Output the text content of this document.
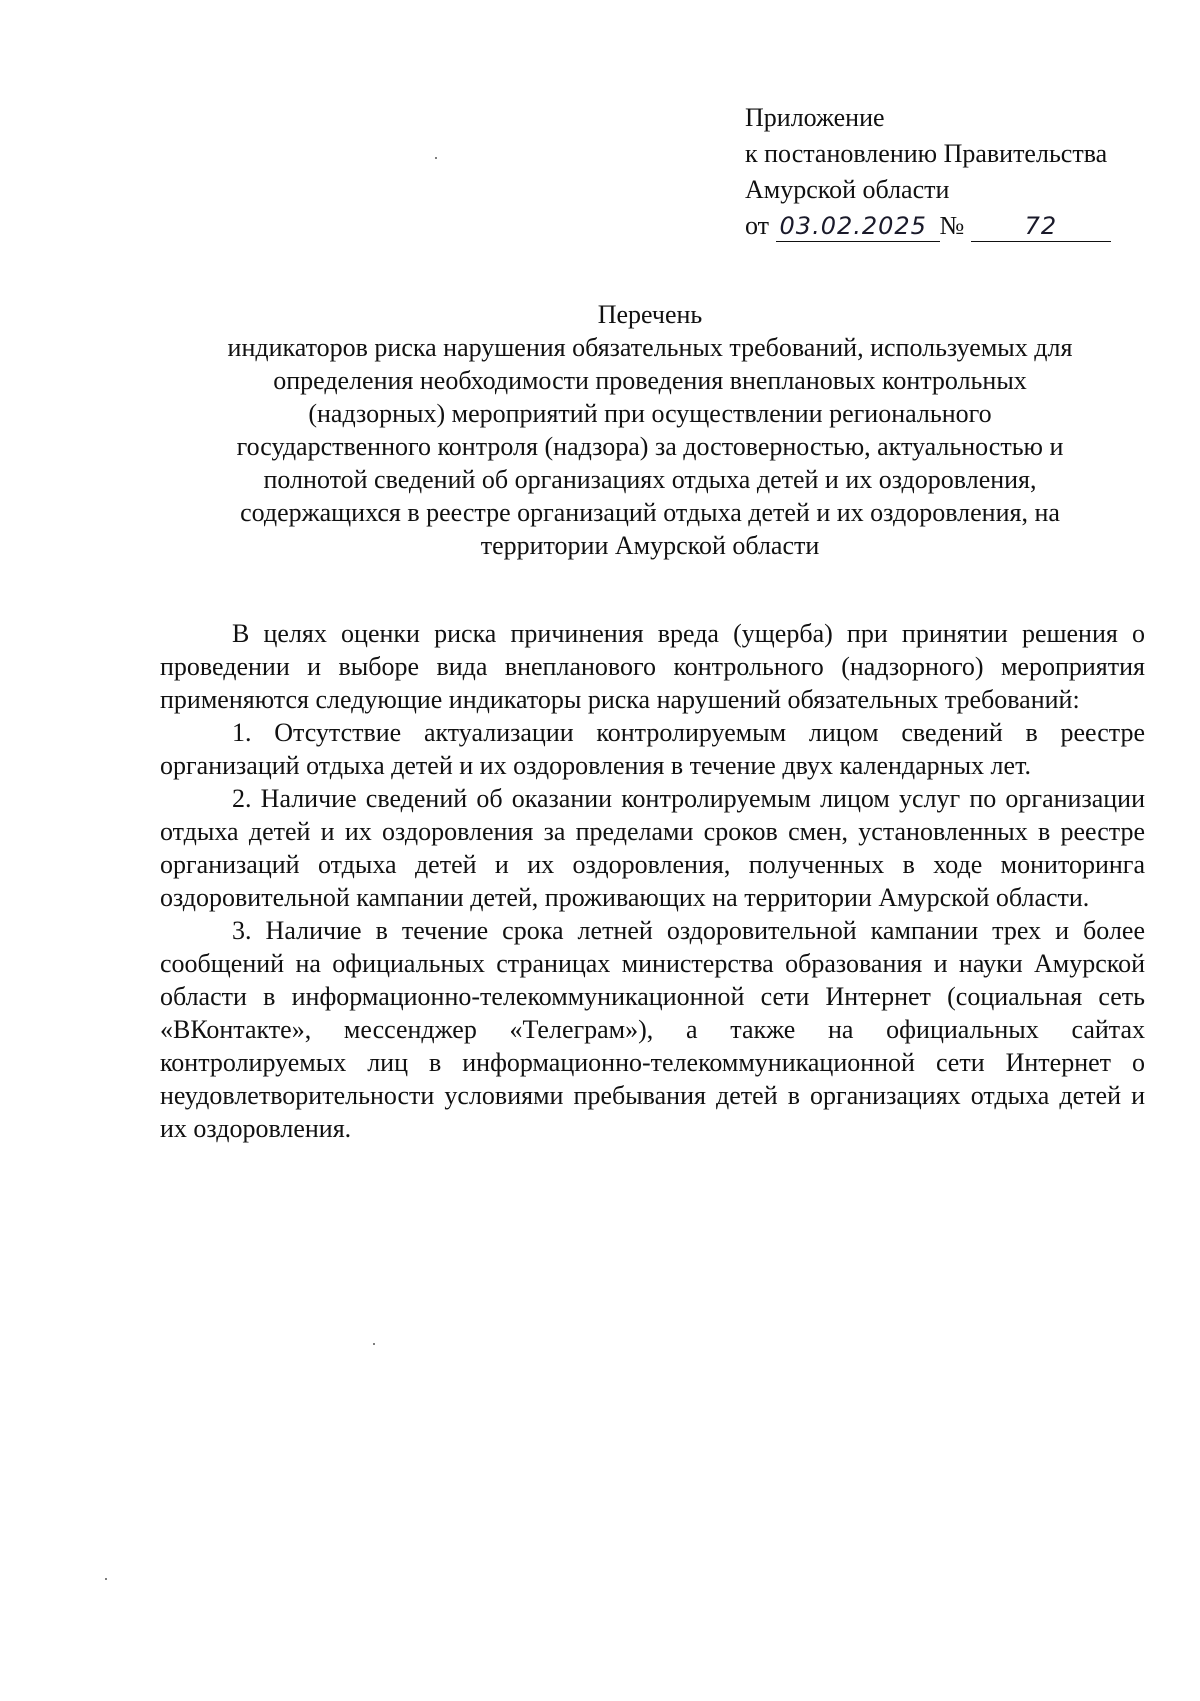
Приложение
к постановлению Правительства
Амурской области
от 03.02.2025 №	72

Перечень

индикаторов риска нарушения обязательных требований, используемых для

определения необходимости проведения внеплановых контрольных

(надзорных) мероприятий при осуществлении регионального

государственного контроля (надзора) за достоверностью, актуальностью и

полнотой сведений об организациях отдыха детей и их оздоровления,

содержащихся в реестре организаций отдыха детей и их оздоровления, на

территории Амурской области

В целях оценки риска причинения вреда (ущерба) при принятии решения о проведении и выборе вида внепланового контрольного (надзорного) мероприятия применяются следующие индикаторы риска нарушений обязательных требований:

1. Отсутствие актуализации контролируемым лицом сведений в реестре организаций отдыха детей и их оздоровления в течение двух календарных лет.

2. Наличие сведений об оказании контролируемым лицом услуг по организации отдыха детей и их оздоровления за пределами сроков смен, установленных в реестре организаций отдыха детей и их оздоровления, полученных в ходе мониторинга оздоровительной кампании детей, проживающих на территории Амурской области.

3. Наличие в течение срока летней оздоровительной кампании трех и более сообщений на официальных страницах министерства образования и науки Амурской области в информационно-телекоммуникационной сети Интернет (социальная сеть «ВКонтакте», мессенджер «Телеграм»), а также на официальных сайтах контролируемых лиц в информационно-телекоммуникационной сети Интернет о неудовлетворительности условиями пребывания детей в организациях отдыха детей и их оздоровления.
